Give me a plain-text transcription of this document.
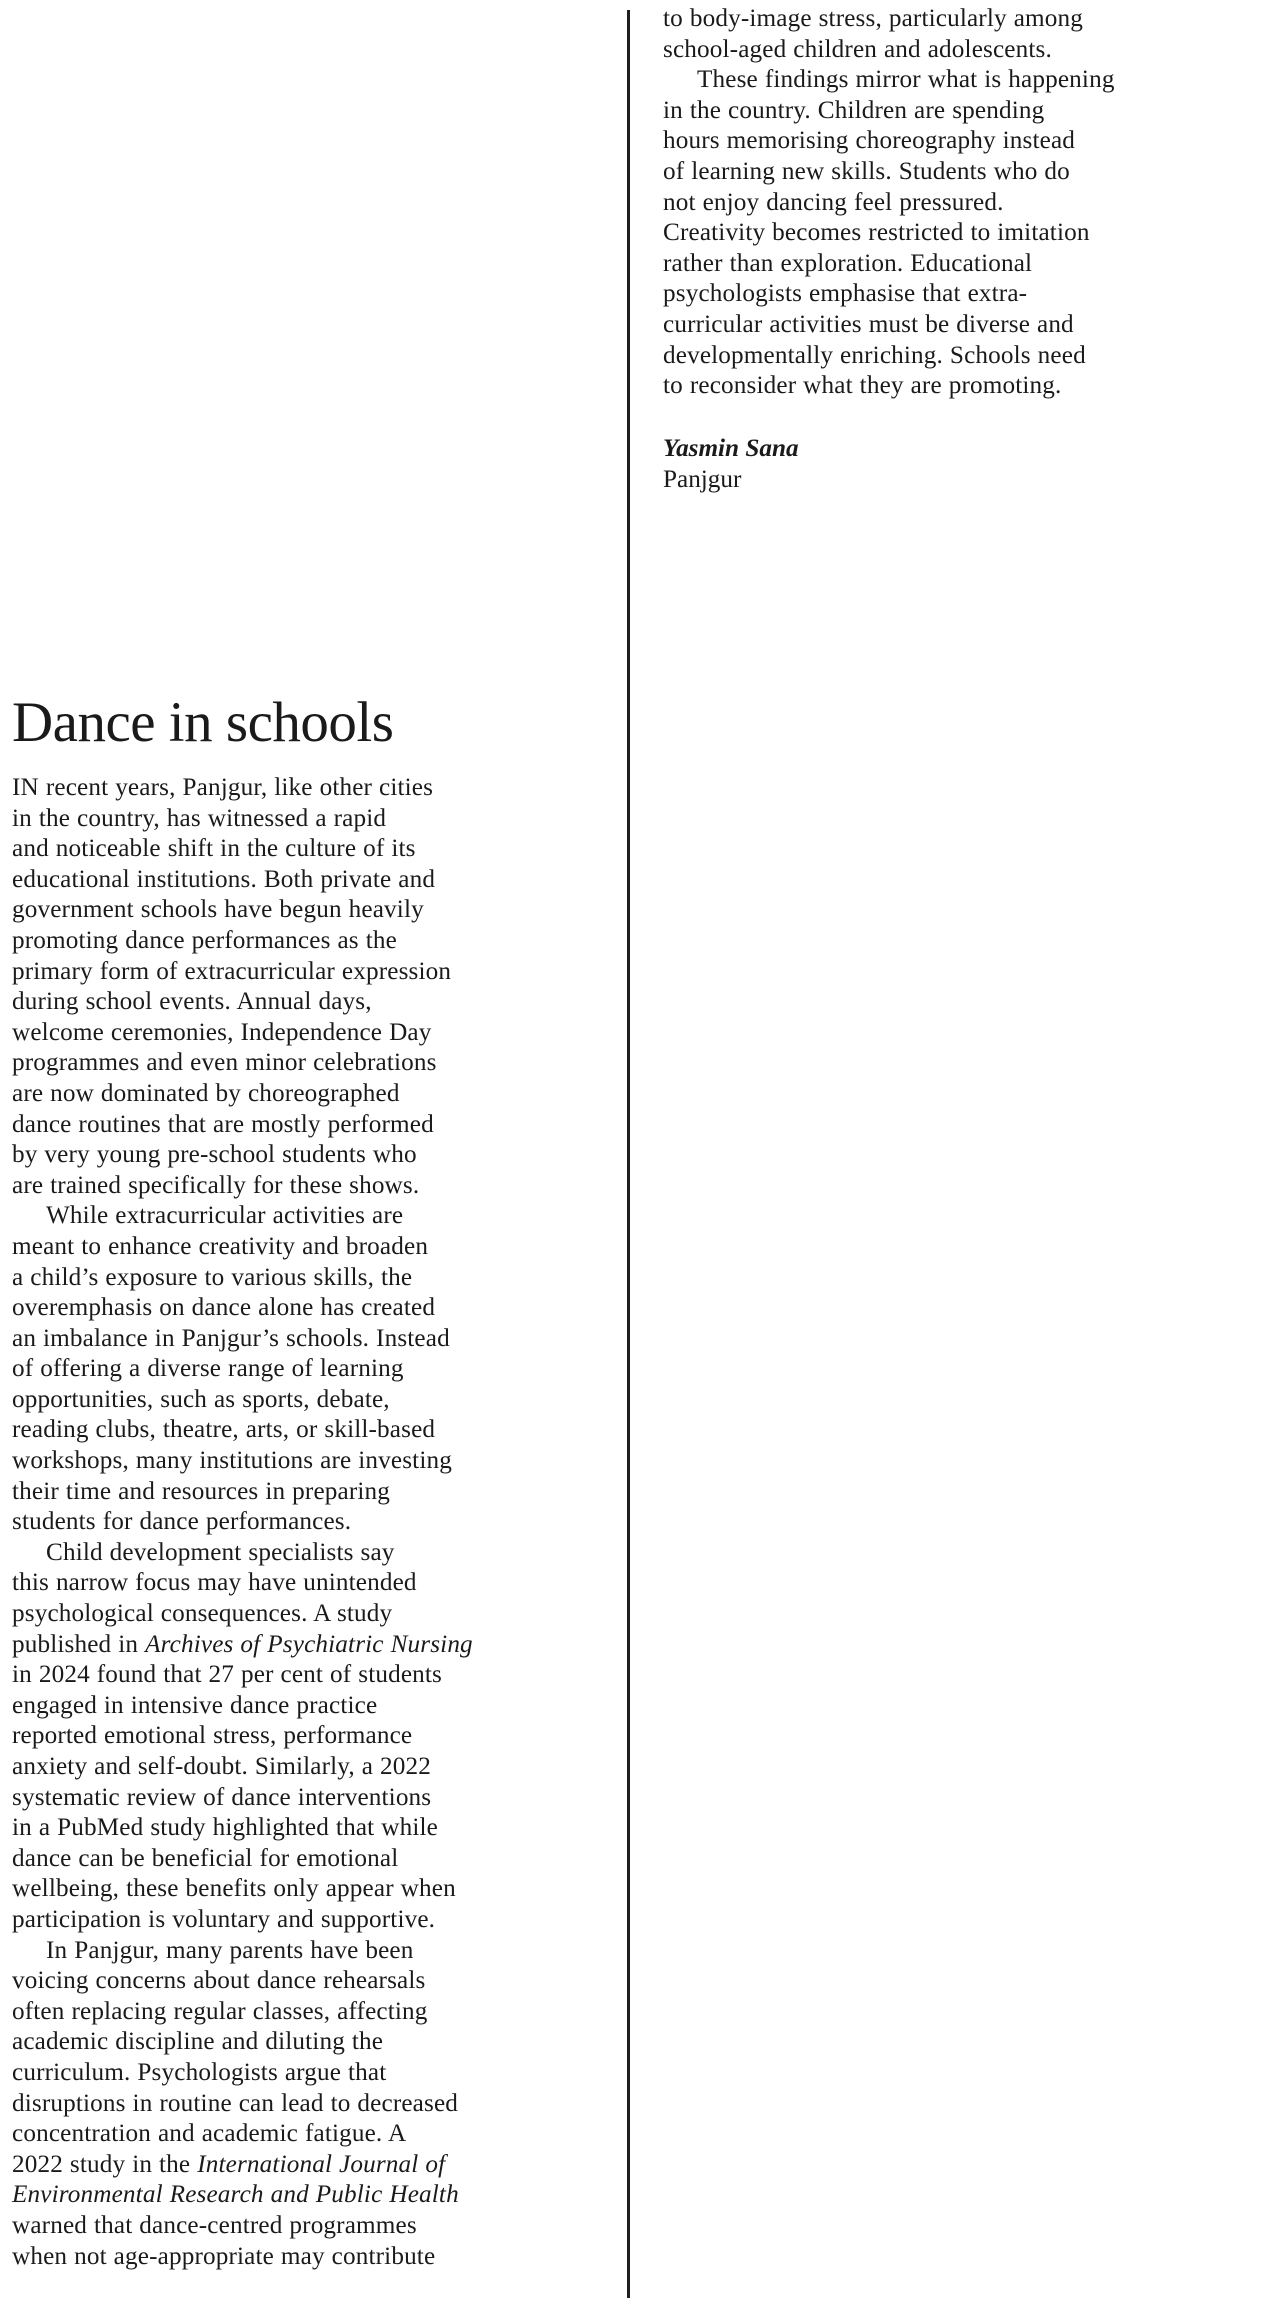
Dance in schools
IN recent years, Panjgur, like other cities
in the country, has witnessed a rapid
and noticeable shift in the culture of its
educational institutions. Both private and
government schools have begun heavily
promoting dance performances as the
primary form of extracurricular expression
during school events. Annual days,
welcome ceremonies, Independence Day
programmes and even minor celebrations
are now dominated by choreographed
dance routines that are mostly performed
by very young pre-school students who
are trained specifically for these shows.
While extracurricular activities are
meant to enhance creativity and broaden
a child’s exposure to various skills, the
overemphasis on dance alone has created
an imbalance in Panjgur’s schools. Instead
of offering a diverse range of learning
opportunities, such as sports, debate,
reading clubs, theatre, arts, or skill-based
workshops, many institutions are investing
their time and resources in preparing
students for dance performances.
Child development specialists say
this narrow focus may have unintended
psychological consequences. A study
published in Archives of Psychiatric Nursing
in 2024 found that 27 per cent of students
engaged in intensive dance practice
reported emotional stress, performance
anxiety and self-doubt. Similarly, a 2022
systematic review of dance interventions
in a PubMed study highlighted that while
dance can be beneficial for emotional
wellbeing, these benefits only appear when
participation is voluntary and supportive.
In Panjgur, many parents have been
voicing concerns about dance rehearsals
often replacing regular classes, affecting
academic discipline and diluting the
curriculum. Psychologists argue that
disruptions in routine can lead to decreased
concentration and academic fatigue. A
2022 study in the International Journal of
Environmental Research and Public Health
warned that dance-centred programmes
when not age-appropriate may contribute
to body-image stress, particularly among
school-aged children and adolescents.
These findings mirror what is happening
in the country. Children are spending
hours memorising choreography instead
of learning new skills. Students who do
not enjoy dancing feel pressured.
Creativity becomes restricted to imitation
rather than exploration. Educational
psychologists emphasise that extra-
curricular activities must be diverse and
developmentally enriching. Schools need
to reconsider what they are promoting.
Yasmin Sana
Panjgur
